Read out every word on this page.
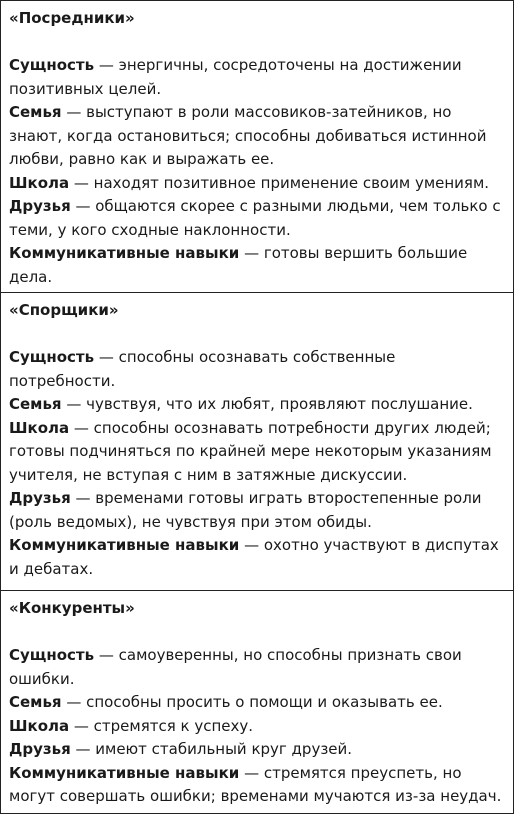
«Посредники»

Сущность — энергичны, сосредоточены на достижении позитивных целей.

Семья — выступают в роли массовиков-затейников, но знают, когда остановиться; способны добиваться истинной любви, равно как и выражать ее.

Школа — находят позитивное применение своим умениям.

Друзья — общаются скорее с разными людьми, чем только с теми, у кого сходные наклонности.

Коммуникативные навыки — готовы вершить большие дела.

«Спорщики»

Сущность — способны осознавать собственные потребности.

Семья — чувствуя, что их любят, проявляют послушание.

Школа — способны осознавать потребности других людей; готовы подчиняться по крайней мере некоторым указаниям учителя, не вступая с ним в затяжные дискуссии.

Друзья — временами готовы играть второстепенные роли (роль ведомых), не чувствуя при этом обиды.

Коммуникативные навыки — охотно участвуют в диспутах и дебатах.

«Конкуренты»

Сущность — самоуверенны, но способны признать свои ошибки.

Семья — способны просить о помощи и оказывать ее.

Школа — стремятся к успеху.

Друзья — имеют стабильный круг друзей.

Коммуникативные навыки — стремятся преуспеть, но могут совершать ошибки; временами мучаются из-за неудач.
